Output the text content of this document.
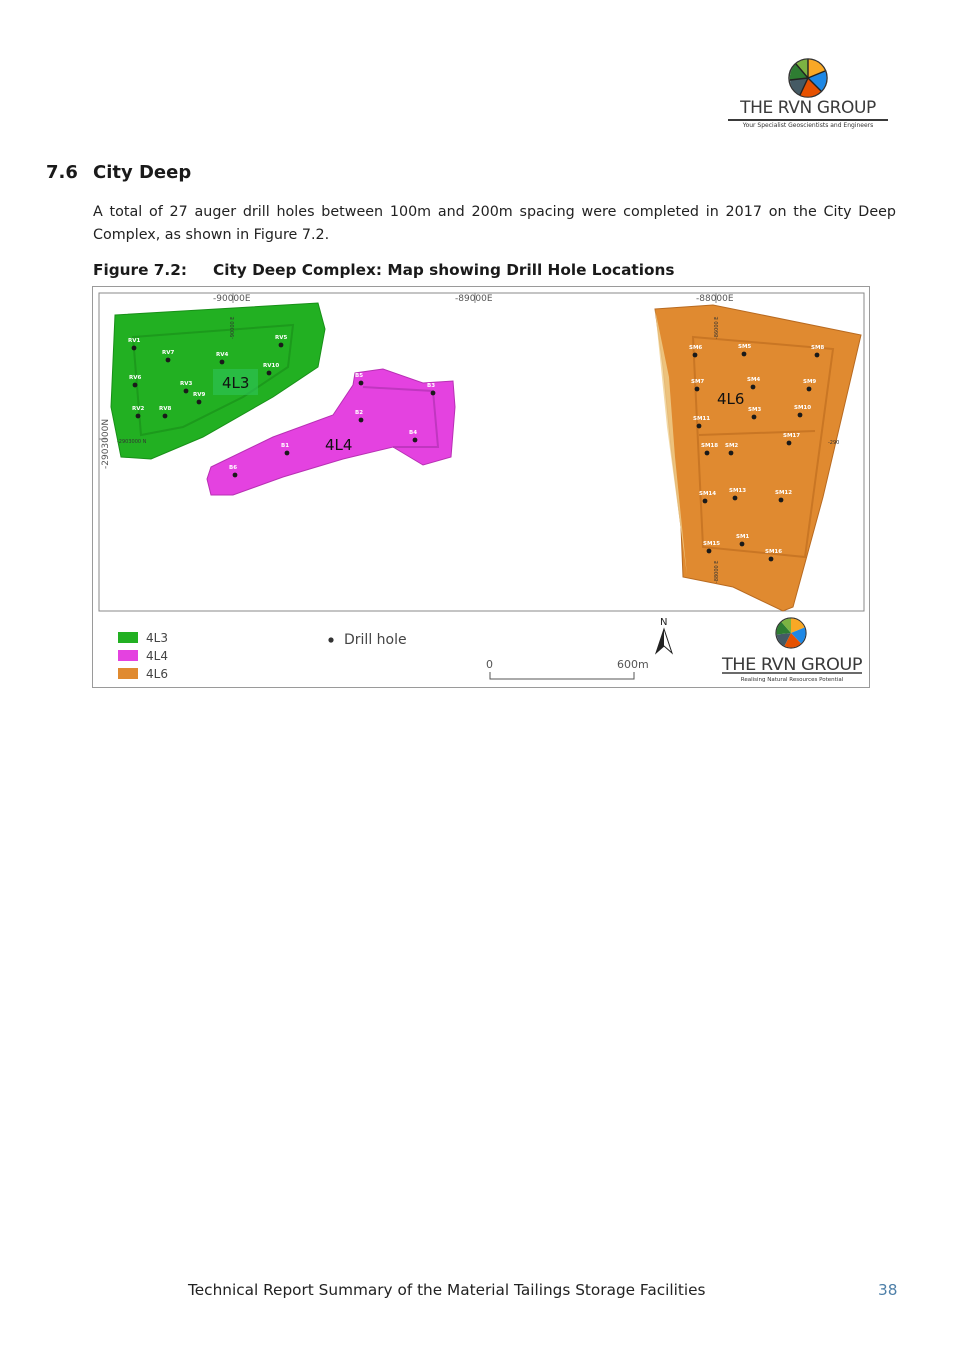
THE RVN GROUP
Your Specialist Geoscientists and Engineers
7.6 City Deep

A total of 27 auger drill holes between 100m and 200m spacing were completed in 2017 on the City Deep Complex, as shown in Figure 7.2.

Figure 7.2: City Deep Complex: Map showing Drill Hole Locations
-90000E	-89000E	-88000E
-2903000N
4L3
-90000 E
-2903000 N	4L4
4L6
-86000 E
-290
-88000 E
RV1
RV7	RV4
RV5
RV10
RV6
RV3
RV9
RV2	RV8
B5
B3
B2
B4
B1
B6
SM6	SM5	SM8
SM7	SM4	SM9
SM3	SM10
SM11
SM17
SM18 SM2
SM14 SM13	SM12
SM1
SM15
SM16
4L3
4L4
4L6
Drill hole
N
0	600m	THE RVN GROUP
Realising Natural Resources Potential
Technical Report Summary of the Material Tailings Storage Facilities	38
